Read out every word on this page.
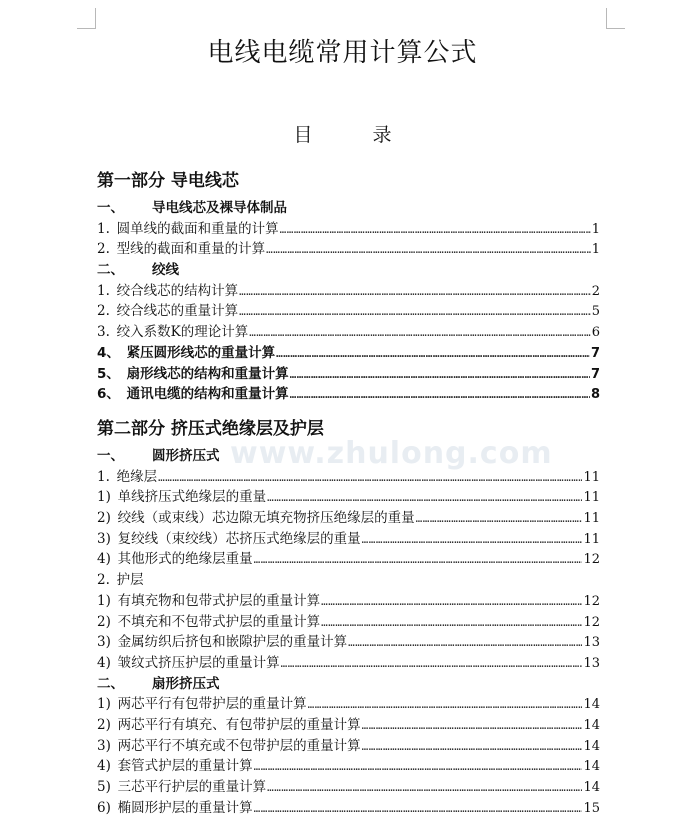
电线电缆常用计算公式
目录
www.zhulong.com
第一部分 导电线芯
一、 导电线芯及裸导体制品
1.  圆单线的截面和重量的计算 ………………………………………………………………………………………………………………………………………………………………………………………………………………	1
2.  型线的截面和重量的计算 ………………………………………………………………………………………………………………………………………………………………………………………………………………	1
二、 绞线
1.  绞合线芯的结构计算 ………………………………………………………………………………………………………………………………………………………………………………………………………………	2
2.  绞合线芯的重量计算 ………………………………………………………………………………………………………………………………………………………………………………………………………………	5
3.  绞入系数K的理论计算 ………………………………………………………………………………………………………………………………………………………………………………………………………………	6
4、  紧压圆形线芯的重量计算 ………………………………………………………………………………………………………………………………………………………………………………………………………………	7
5、  扇形线芯的结构和重量计算 ………………………………………………………………………………………………………………………………………………………………………………………………………………	7
6、  通讯电缆的结构和重量计算 ………………………………………………………………………………………………………………………………………………………………………………………………………………	8
第二部分 挤压式绝缘层及护层
一、 圆形挤压式
1.  绝缘层 ………………………………………………………………………………………………………………………………………………………………………………………………………………	11
1)  单线挤压式绝缘层的重量 ………………………………………………………………………………………………………………………………………………………………………………………………………………	11
2)  绞线（或束线）芯边隙无填充物挤压绝缘层的重量 ………………………………………………………………………………………………………………………………………………………………………………………………………………	11
3)  复绞线（束绞线）芯挤压式绝缘层的重量 ………………………………………………………………………………………………………………………………………………………………………………………………………………	11
4)  其他形式的绝缘层重量 ………………………………………………………………………………………………………………………………………………………………………………………………………………	12
2.  护层
1)  有填充物和包带式护层的重量计算 ………………………………………………………………………………………………………………………………………………………………………………………………………………	12
2)  不填充和不包带式护层的重量计算 ………………………………………………………………………………………………………………………………………………………………………………………………………………	12
3)  金属纺织后挤包和嵌隙护层的重量计算 ………………………………………………………………………………………………………………………………………………………………………………………………………………	13
4)  皱纹式挤压护层的重量计算 ………………………………………………………………………………………………………………………………………………………………………………………………………………	13
二、 扇形挤压式
1)  两芯平行有包带护层的重量计算 ………………………………………………………………………………………………………………………………………………………………………………………………………………	14
2)  两芯平行有填充、有包带护层的重量计算 ………………………………………………………………………………………………………………………………………………………………………………………………………………	14
3)  两芯平行不填充或不包带护层的重量计算 ………………………………………………………………………………………………………………………………………………………………………………………………………………	14
4)  套管式护层的重量计算 ………………………………………………………………………………………………………………………………………………………………………………………………………………	14
5)  三芯平行护层的重量计算 ………………………………………………………………………………………………………………………………………………………………………………………………………………	14
6)  椭圆形护层的重量计算 ………………………………………………………………………………………………………………………………………………………………………………………………………………	15
